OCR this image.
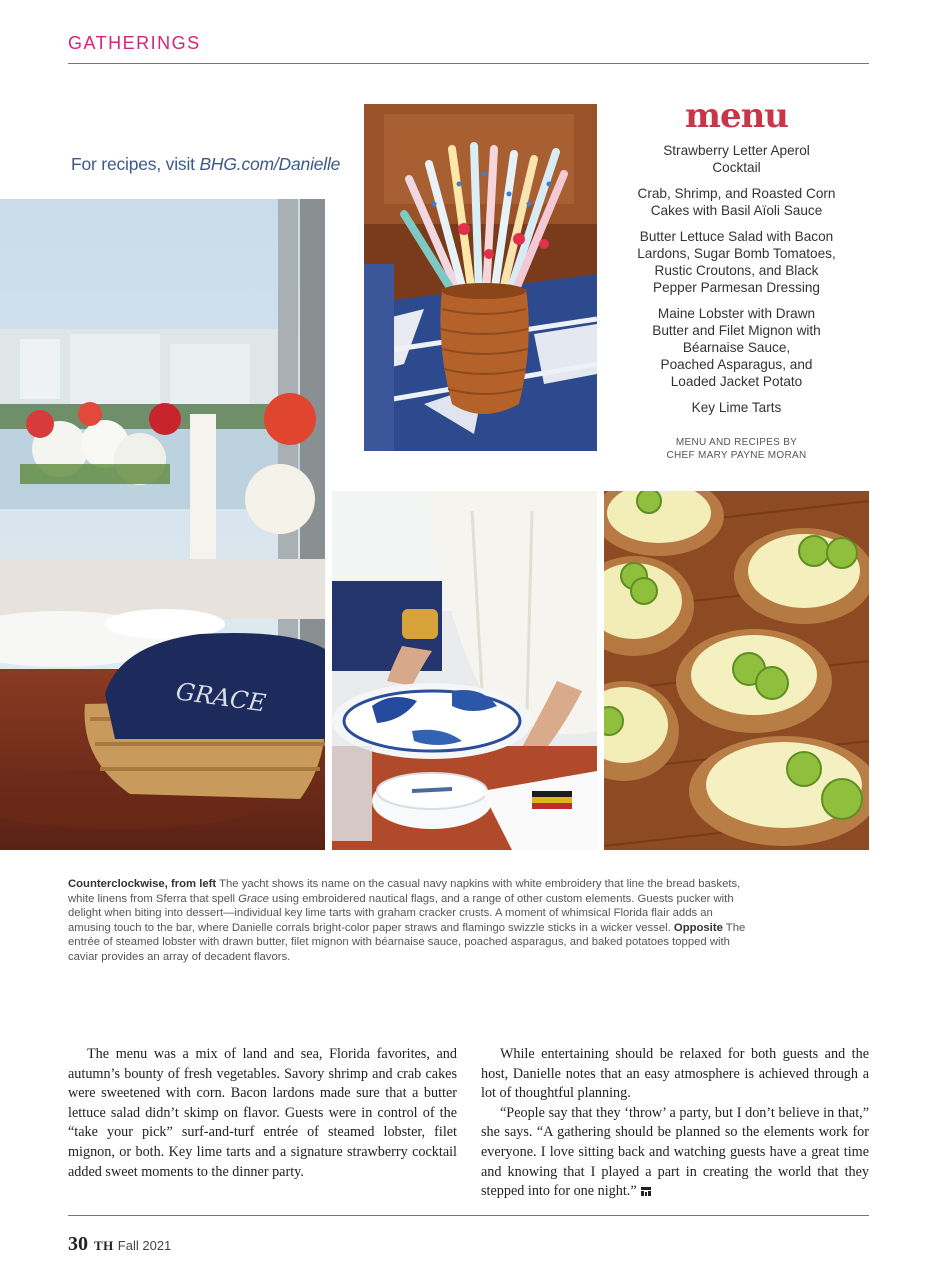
GATHERINGS
For recipes, visit BHG.com/Danielle
GRACE
menu
Strawberry Letter Aperol
Cocktail
Crab, Shrimp, and Roasted Corn
Cakes with Basil Aïoli Sauce
Butter Lettuce Salad with Bacon
Lardons, Sugar Bomb Tomatoes,
Rustic Croutons, and Black
Pepper Parmesan Dressing
Maine Lobster with Drawn
Butter and Filet Mignon with
Béarnaise Sauce,
Poached Asparagus, and
Loaded Jacket Potato
Key Lime Tarts
MENU AND RECIPES BY
CHEF MARY PAYNE MORAN
Counterclockwise, from left The yacht shows its name on the casual navy napkins with white embroidery that line the bread baskets, white linens from Sferra that spell Grace using embroidered nautical flags, and a range of other custom elements. Guests pucker with delight when biting into dessert—individual key lime tarts with graham cracker crusts. A moment of whimsical Florida flair adds an amusing touch to the bar, where Danielle corrals bright-color paper straws and flamingo swizzle sticks in a wicker vessel. Opposite The entrée of steamed lobster with drawn butter, filet mignon with béarnaise sauce, poached asparagus, and baked potatoes topped with caviar provides an array of decadent flavors.

The menu was a mix of land and sea, Florida favorites, and autumn’s bounty of fresh vegetables. Savory shrimp and crab cakes were sweetened with corn. Bacon lardons made sure that a butter lettuce salad didn’t skimp on flavor. Guests were in control of the “take your pick” surf-and-turf entrée of steamed lobster, filet mignon, or both. Key lime tarts and a signature strawberry cocktail added sweet moments to the dinner party.

While entertaining should be relaxed for both guests and the host, Danielle notes that an easy atmosphere is achieved through a lot of thoughtful planning.

“People say that they ‘throw’ a party, but I don’t believe in that,” she says. “A gathering should be planned so the elements work for everyone. I love sitting back and watching guests have a great time and knowing that I played a part in creating the world that they stepped into for one night.”

30 TH Fall 2021
